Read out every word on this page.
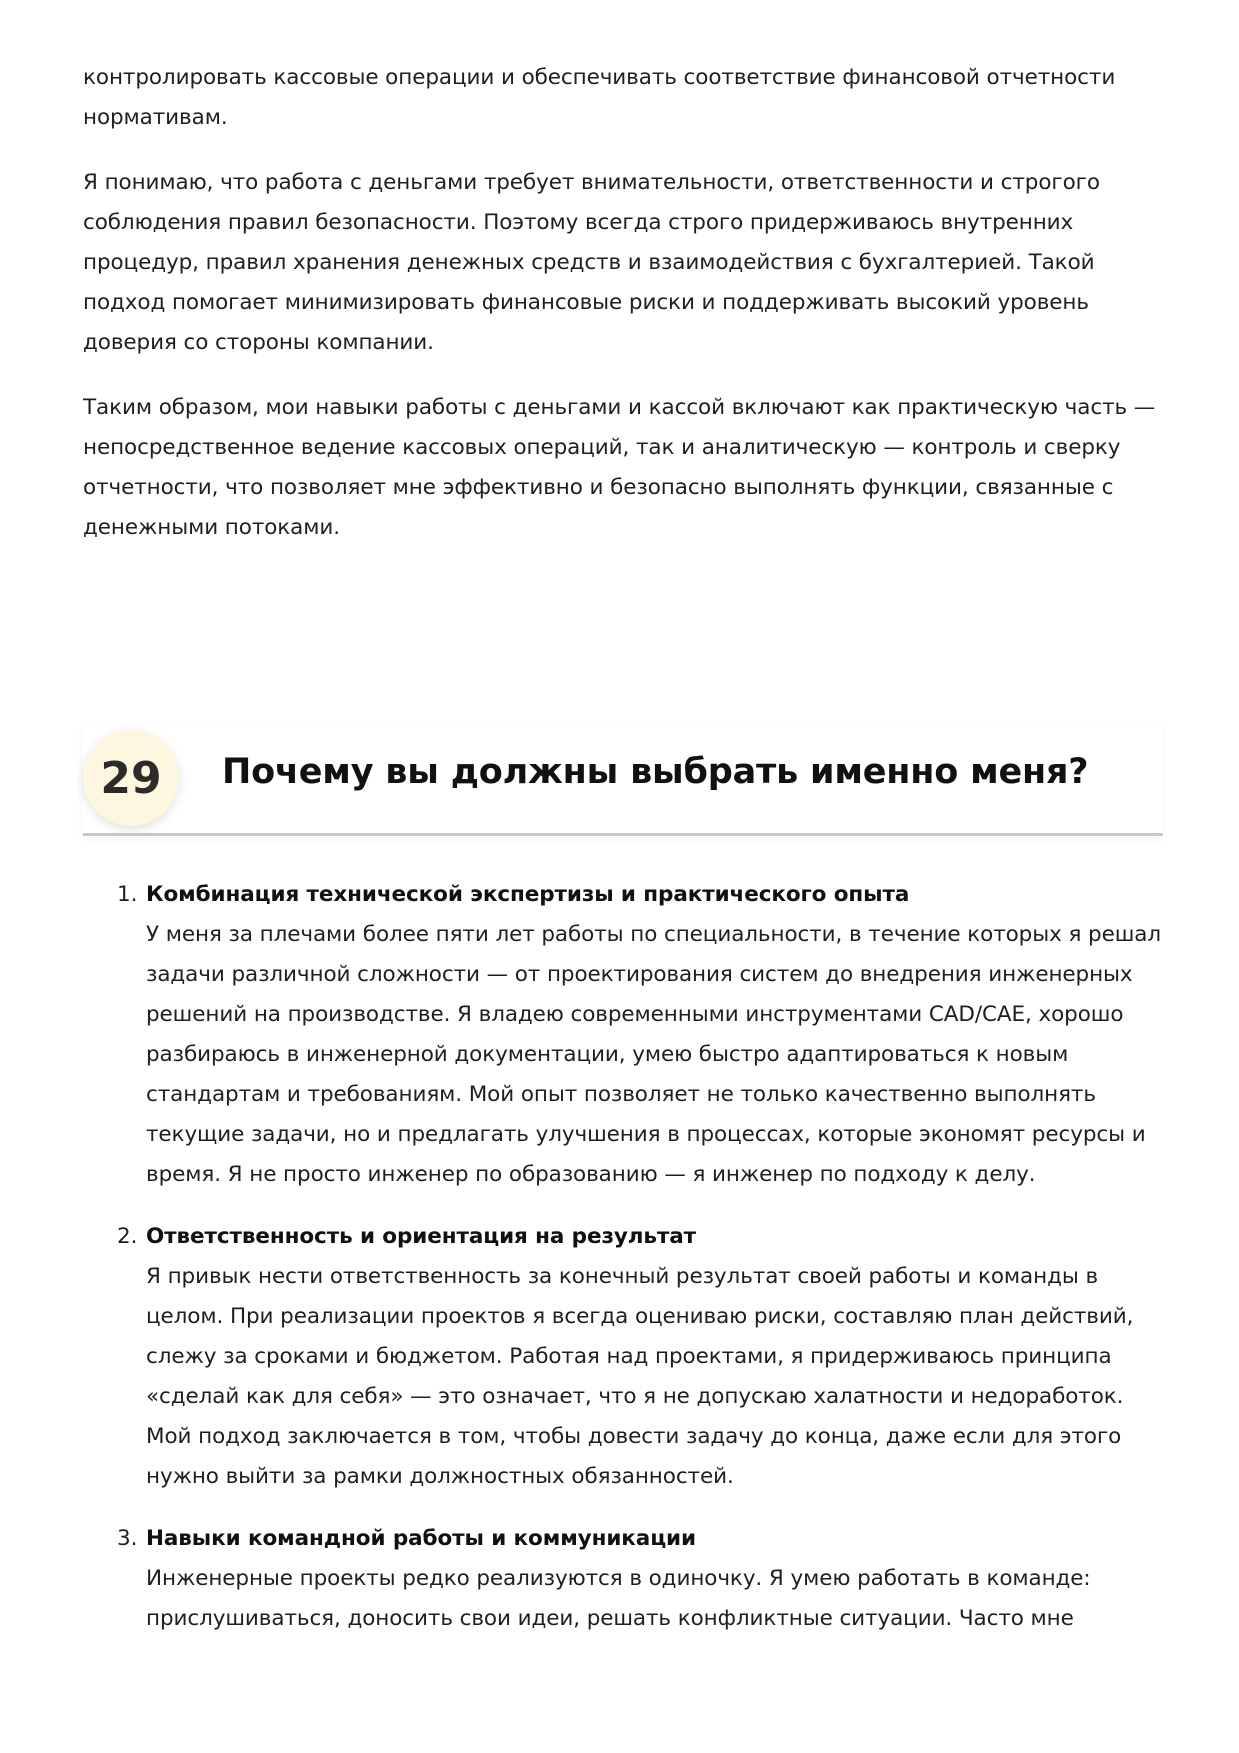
контролировать кассовые операции и обеспечивать соответствие финансовой отчетности нормативам.

Я понимаю, что работа с деньгами требует внимательности, ответственности и строгого соблюдения правил безопасности. Поэтому всегда строго придерживаюсь внутренних процедур, правил хранения денежных средств и взаимодействия с бухгалтерией. Такой подход помогает минимизировать финансовые риски и поддерживать высокий уровень доверия со стороны компании.

Таким образом, мои навыки работы с деньгами и кассой включают как практическую часть — непосредственное ведение кассовых операций, так и аналитическую — контроль и сверку отчетности, что позволяет мне эффективно и безопасно выполнять функции, связанные с денежными потоками.

29	Почему вы должны выбрать именно меня?
1. Комбинация технической экспертизы и практического опыта

У меня за плечами более пяти лет работы по специальности, в течение которых я решал задачи различной сложности — от проектирования систем до внедрения инженерных решений на производстве. Я владею современными инструментами CAD/CAE, хорошо разбираюсь в инженерной документации, умею быстро адаптироваться к новым стандартам и требованиям. Мой опыт позволяет не только качественно выполнять текущие задачи, но и предлагать улучшения в процессах, которые экономят ресурсы и время. Я не просто инженер по образованию — я инженер по подходу к делу.

2. Ответственность и ориентация на результат

Я привык нести ответственность за конечный результат своей работы и команды в целом. При реализации проектов я всегда оцениваю риски, составляю план действий, слежу за сроками и бюджетом. Работая над проектами, я придерживаюсь принципа «сделай как для себя» — это означает, что я не допускаю халатности и недоработок. Мой подход заключается в том, чтобы довести задачу до конца, даже если для этого нужно выйти за рамки должностных обязанностей.

3. Навыки командной работы и коммуникации

Инженерные проекты редко реализуются в одиночку. Я умею работать в команде: прислушиваться, доносить свои идеи, решать конфликтные ситуации. Часто мне
